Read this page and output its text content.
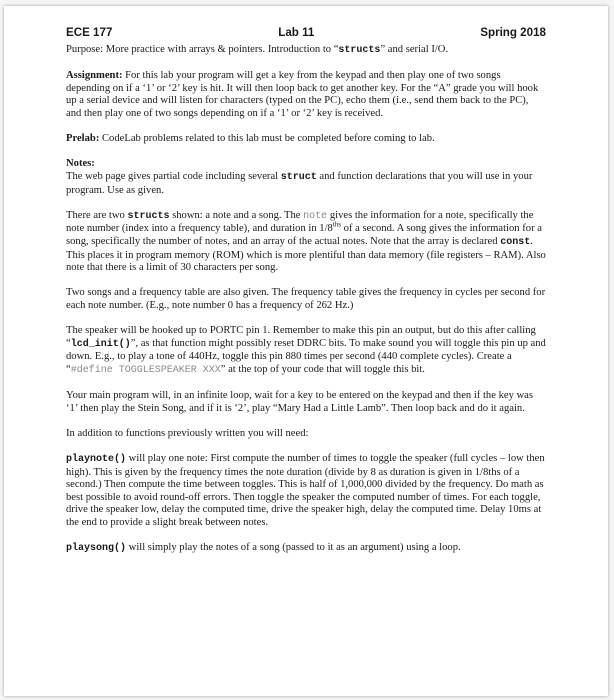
ECE 177	Lab 11	Spring 2018

Purpose: More practice with arrays & pointers. Introduction to “structs” and serial I/O.

Assignment: For this lab your program will get a key from the keypad and then play one of two songs depending on if a ‘1’ or ‘2’ key is hit. It will then loop back to get another key. For the “A” grade you will hook up a serial device and will listen for characters (typed on the PC), echo them (i.e., send them back to the PC), and then play one of two songs depending on if a ‘1’ or ‘2’ key is received.

Prelab: CodeLab problems related to this lab must be completed before coming to lab.

Notes:
The web page gives partial code including several struct and function declarations that you will use in your program. Use as given.

There are two structs shown: a note and a song. The note gives the information for a note, specifically the note number (index into a frequency table), and duration in $1/8^{ths}$ of a second. A song gives the information for a song, specifically the number of notes, and an array of the actual notes. Note that the array is declared const. This places it in program memory (ROM) which is more plentiful than data memory (file registers – RAM). Also note that there is a limit of 30 characters per song.

Two songs and a frequency table are also given. The frequency table gives the frequency in cycles per second for each note number. (E.g., note number 0 has a frequency of 262 Hz.)

The speaker will be hooked up to PORTC pin 1. Remember to make this pin an output, but do this after calling “lcd_init()”, as that function might possibly reset DDRC bits. To make sound you will toggle this pin up and down. E.g., to play a tone of 440Hz, toggle this pin 880 times per second (440 complete cycles). Create a “#define TOGGLESPEAKER XXX” at the top of your code that will toggle this bit.

Your main program will, in an infinite loop, wait for a key to be entered on the keypad and then if the key was ‘1’ then play the Stein Song, and if it is ‘2’, play “Mary Had a Little Lamb”. Then loop back and do it again.

In addition to functions previously written you will need:

playnote() will play one note: First compute the number of times to toggle the speaker (full cycles – low then high). This is given by the frequency times the note duration (divide by 8 as duration is given in 1/8ths of a second.) Then compute the time between toggles. This is half of 1,000,000 divided by the frequency. Do math as best possible to avoid round-off errors. Then toggle the speaker the computed number of times. For each toggle, drive the speaker low, delay the computed time, drive the speaker high, delay the computed time. Delay 10ms at the end to provide a slight break between notes.

playsong() will simply play the notes of a song (passed to it as an argument) using a loop.
